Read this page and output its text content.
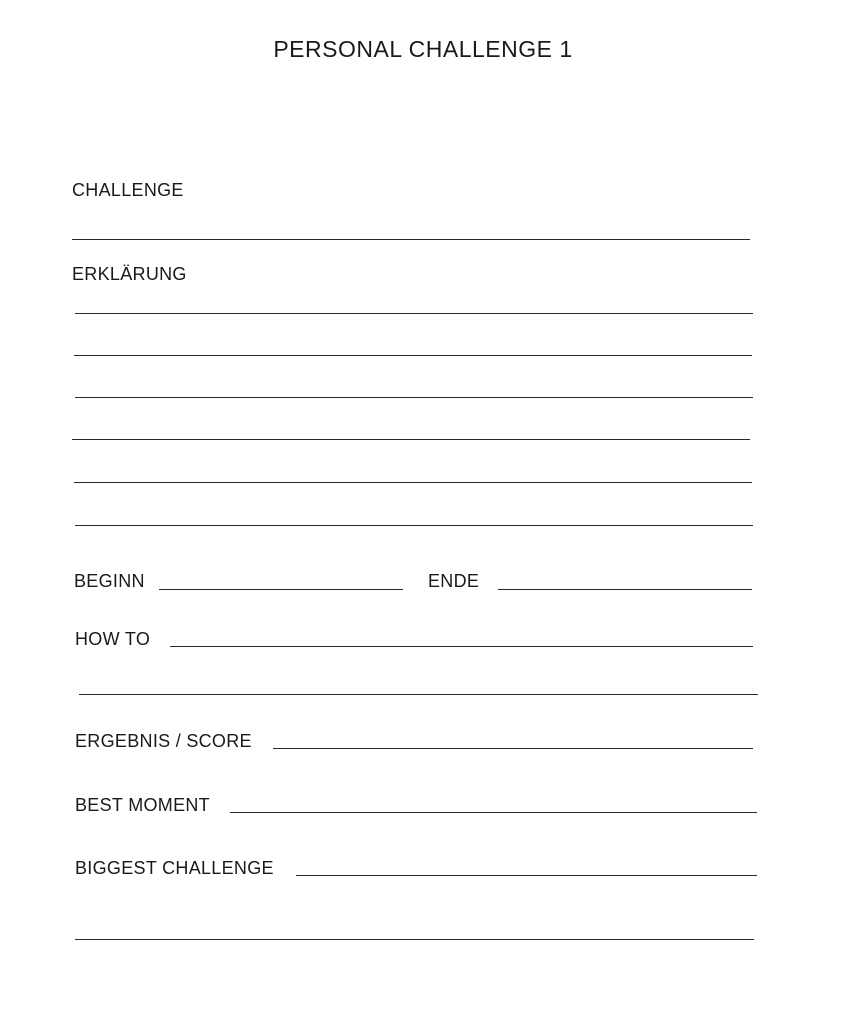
PERSONAL CHALLENGE 1
CHALLENGE
ERKLÄRUNG
BEGINN	ENDE
HOW TO
ERGEBNIS / SCORE
BEST MOMENT
BIGGEST CHALLENGE
